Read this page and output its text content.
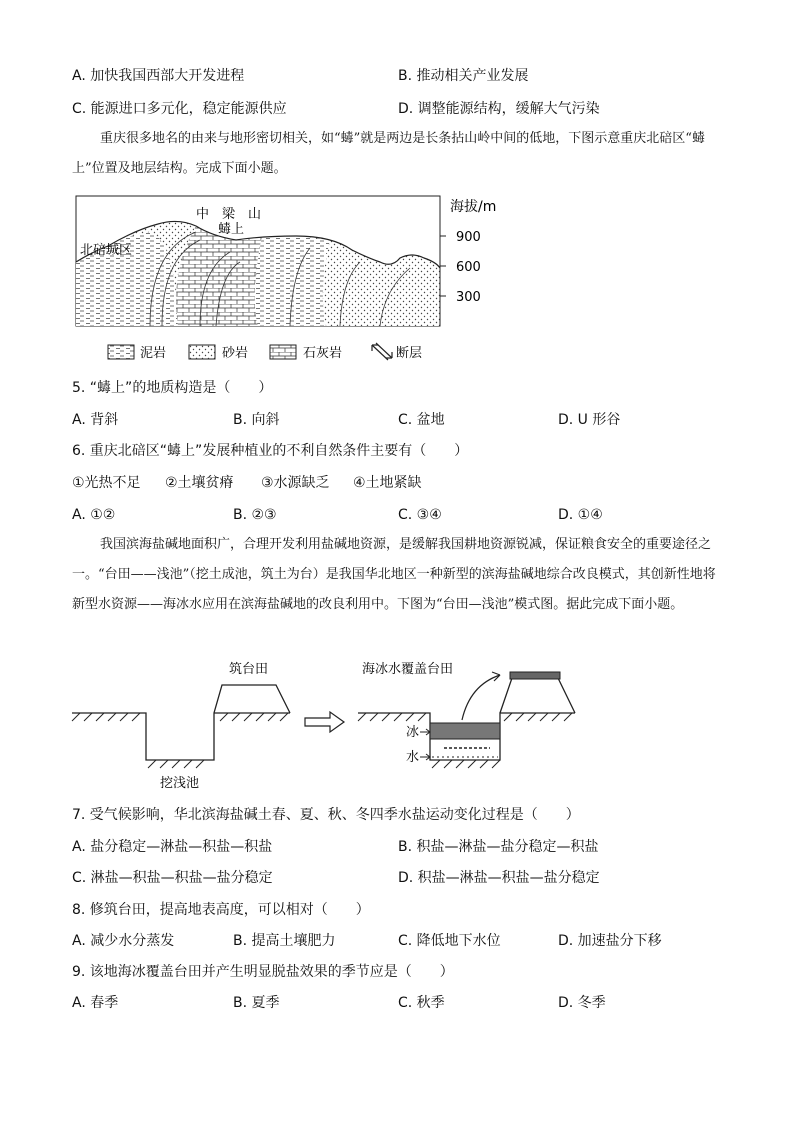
A. 加快我国西部大开发进程	B. 推动相关产业发展
C. 能源进口多元化，稳定能源供应	D. 调整能源结构，缓解大气污染
重庆很多地名的由来与地形密切相关，如“蝳”就是两边是长条拈山岭中间的低地，下图示意重庆北碚区“蝳上”位置及地层结构。完成下面小题。
海拔/m
900
600
300
中　梁　山
蝳上
北碚城区
泥岩	砂岩	石灰岩	断层
5. “蝳上”的地质构造是（　　）
A. 背斜	B. 向斜	C. 盆地	D. U 形谷
6. 重庆北碚区“蝳上”发展种植业的不利自然条件主要有（　　）
①光热不足 ②土壤贫瘠 ③水源缺乏 ④土地紧缺
A. ①②	B. ②③	C. ③④	D. ①④
我国滨海盐碱地面积广，合理开发利用盐碱地资源，是缓解我国耕地资源锐减，保证粮食安全的重要途径之一。“台田——浅池”（挖土成池，筑土为台）是我国华北地区一种新型的滨海盐碱地综合改良模式，其创新性地将新型水资源——海冰水应用在滨海盐碱地的改良利用中。下图为“台田—浅池”模式图。据此完成下面小题。
筑台田
挖浅池
海冰水覆盖台田
冰
水
7. 受气候影响，华北滨海盐碱土春、夏、秋、冬四季水盐运动变化过程是（　　）
A. 盐分稳定—淋盐—积盐—积盐	B. 积盐—淋盐—盐分稳定—积盐
C. 淋盐—积盐—积盐—盐分稳定	D. 积盐—淋盐—积盐—盐分稳定
8. 修筑台田，提高地表高度，可以相对（　　）
A. 减少水分蒸发	B. 提高土壤肥力	C. 降低地下水位	D. 加速盐分下移
9. 该地海冰覆盖台田并产生明显脱盐效果的季节应是（　　）
A. 春季	B. 夏季	C. 秋季	D. 冬季
